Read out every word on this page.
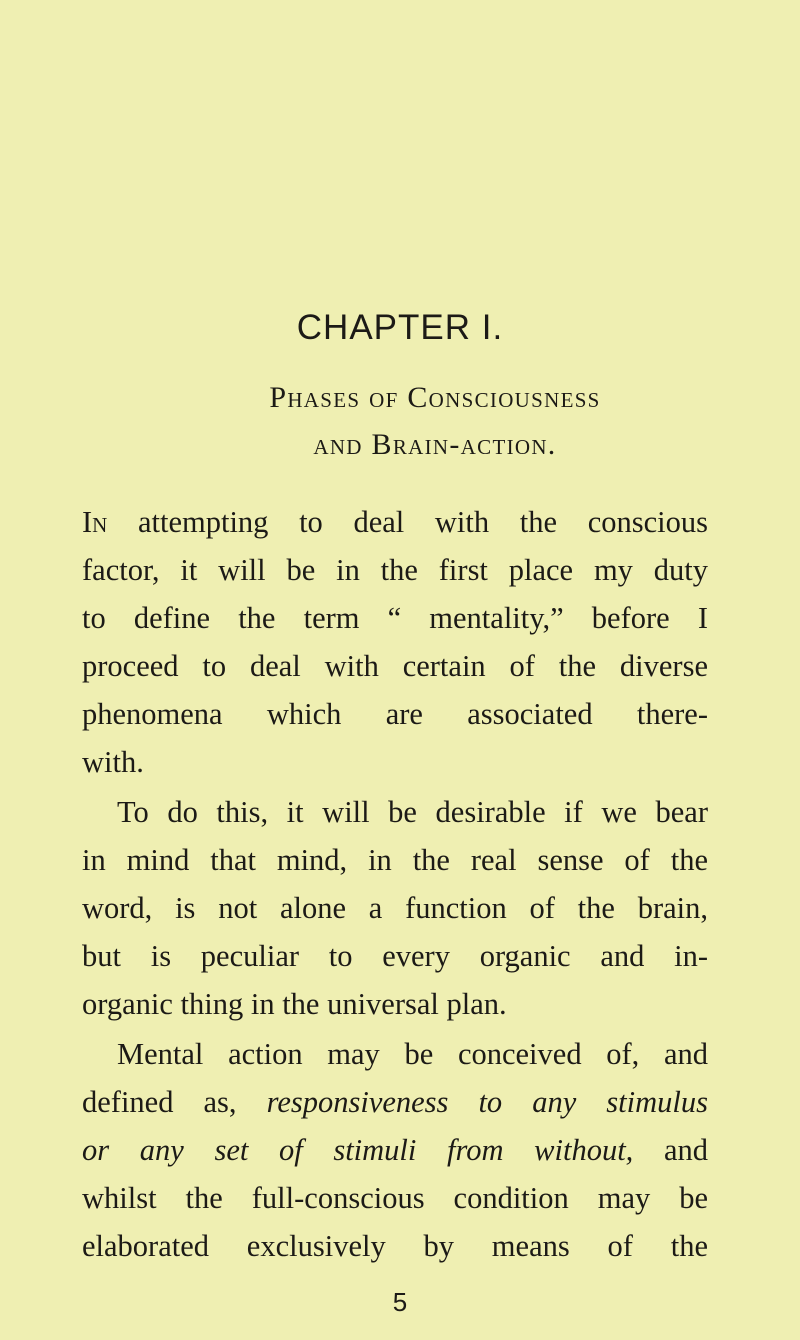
CHAPTER I.
Phases of Consciousness and Brain-action.
In attempting to deal with the conscious
factor, it will be in the first place my duty
to define the term “ mentality,” before I
proceed to deal with certain of the diverse
phenomena which are associated there-
with.
To do this, it will be desirable if we bear
in mind that mind, in the real sense of the
word, is not alone a function of the brain,
but is peculiar to every organic and in-
organic thing in the universal plan.
Mental action may be conceived of, and
defined as, responsiveness to any stimulus
or any set of stimuli from without, and
whilst the full-conscious condition may be
elaborated exclusively by means of the
5
